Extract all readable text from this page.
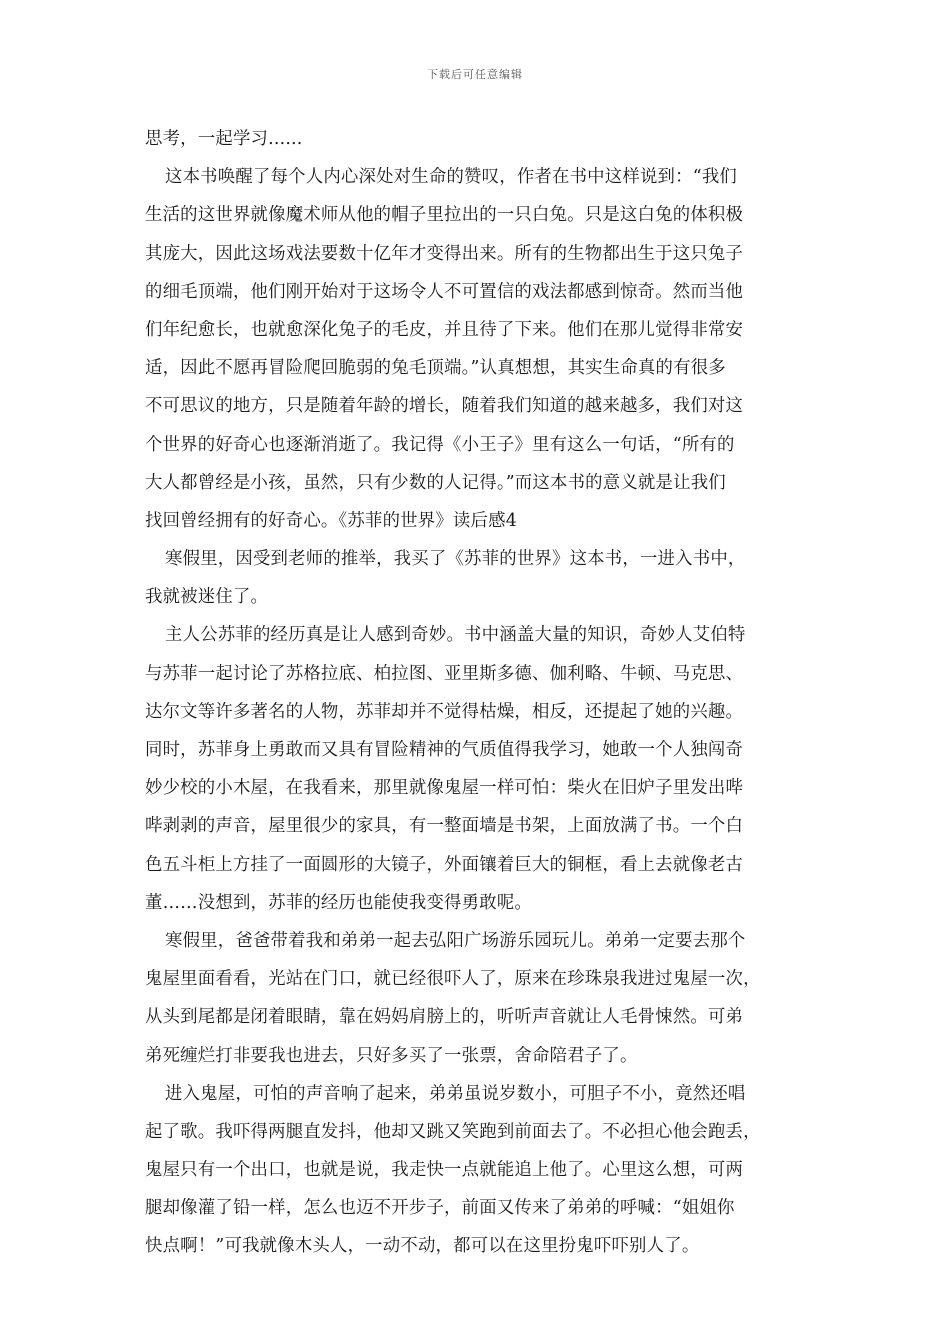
下载后可任意编辑
思考，一起学习......
这本书唤醒了每个人内心深处对生命的赞叹，作者在书中这样说到：“我们
生活的这世界就像魔术师从他的帽子里拉出的一只白兔。只是这白兔的体积极
其庞大，因此这场戏法要数十亿年才变得出来。所有的生物都出生于这只兔子
的细毛顶端，他们刚开始对于这场令人不可置信的戏法都感到惊奇。然而当他
们年纪愈长，也就愈深化兔子的毛皮，并且待了下来。他们在那儿觉得非常安
适，因此不愿再冒险爬回脆弱的兔毛顶端。”认真想想，其实生命真的有很多
不可思议的地方，只是随着年龄的增长，随着我们知道的越来越多，我们对这
个世界的好奇心也逐渐消逝了。我记得《小王子》里有这么一句话，“所有的
大人都曾经是小孩，虽然，只有少数的人记得。”而这本书的意义就是让我们
找回曾经拥有的好奇心。《苏菲的世界》读后感4
寒假里，因受到老师的推举，我买了《苏菲的世界》这本书，一进入书中，
我就被迷住了。
主人公苏菲的经历真是让人感到奇妙。书中涵盖大量的知识，奇妙人艾伯特
与苏菲一起讨论了苏格拉底、柏拉图、亚里斯多德、伽利略、牛顿、马克思、
达尔文等许多著名的人物，苏菲却并不觉得枯燥，相反，还提起了她的兴趣。
同时，苏菲身上勇敢而又具有冒险精神的气质值得我学习，她敢一个人独闯奇
妙少校的小木屋，在我看来，那里就像鬼屋一样可怕：柴火在旧炉子里发出哔
哔剥剥的声音，屋里很少的家具，有一整面墙是书架，上面放满了书。一个白
色五斗柜上方挂了一面圆形的大镜子，外面镶着巨大的铜框，看上去就像老古
董……没想到，苏菲的经历也能使我变得勇敢呢。
寒假里，爸爸带着我和弟弟一起去弘阳广场游乐园玩儿。弟弟一定要去那个
鬼屋里面看看，光站在门口，就已经很吓人了，原来在珍珠泉我进过鬼屋一次，
从头到尾都是闭着眼睛，靠在妈妈肩膀上的，听听声音就让人毛骨悚然。可弟
弟死缠烂打非要我也进去，只好多买了一张票，舍命陪君子了。
进入鬼屋，可怕的声音响了起来，弟弟虽说岁数小，可胆子不小，竟然还唱
起了歌。我吓得两腿直发抖，他却又跳又笑跑到前面去了。不必担心他会跑丢，
鬼屋只有一个出口，也就是说，我走快一点就能追上他了。心里这么想，可两
腿却像灌了铅一样，怎么也迈不开步子，前面又传来了弟弟的呼喊：“姐姐你
快点啊！”可我就像木头人，一动不动，都可以在这里扮鬼吓吓别人了。
